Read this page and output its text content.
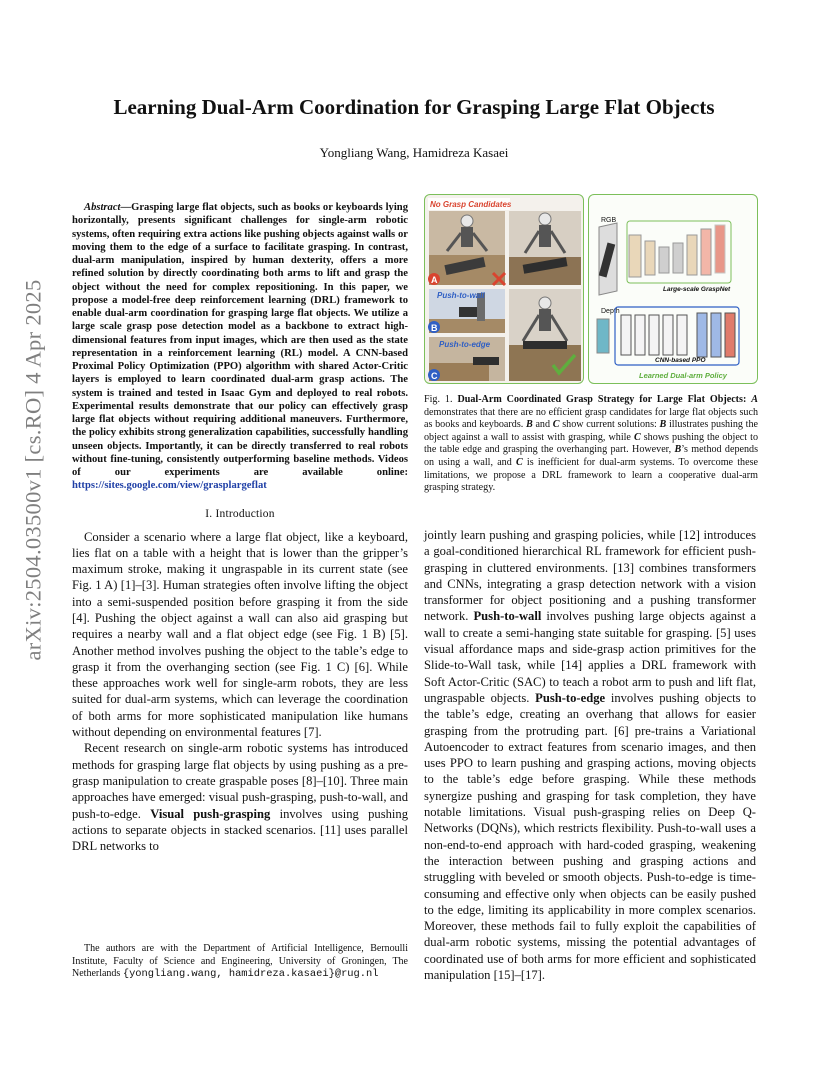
Learning Dual-Arm Coordination for Grasping Large Flat Objects
Yongliang Wang, Hamidreza Kasaei
arXiv:2504.03500v1 [cs.RO] 4 Apr 2025

Abstract—Grasping large flat objects, such as books or keyboards lying horizontally, presents significant challenges for single-arm robotic systems, often requiring extra actions like pushing objects against walls or moving them to the edge of a surface to facilitate grasping. In contrast, dual-arm manipulation, inspired by human dexterity, offers a more refined solution by directly coordinating both arms to lift and grasp the object without the need for complex repositioning. In this paper, we propose a model-free deep reinforcement learning (DRL) framework to enable dual-arm coordination for grasping large flat objects. We utilize a large scale grasp pose detection model as a backbone to extract high-dimensional features from input images, which are then used as the state representation in a reinforcement learning (RL) model. A CNN-based Proximal Policy Optimization (PPO) algorithm with shared Actor-Critic layers is employed to learn coordinated dual-arm grasp actions. The system is trained and tested in Isaac Gym and deployed to real robots. Experimental results demonstrate that our policy can effectively grasp large flat objects without requiring additional maneuvers. Furthermore, the policy exhibits strong generalization capabilities, successfully handling unseen objects. Importantly, it can be directly transferred to real robots without fine-tuning, consistently outperforming baseline methods. Videos of our experiments are available online: https://sites.google.com/view/grasplargeflat

I. Introduction

Consider a scenario where a large flat object, like a keyboard, lies flat on a table with a height that is lower than the gripper’s maximum stroke, making it ungraspable in its current state (see Fig. 1 A) [1]–[3]. Human strategies often involve lifting the object into a semi-suspended position before grasping it from the side [4]. Pushing the object against a wall can also aid grasping but requires a nearby wall and a flat object edge (see Fig. 1 B) [5]. Another method involves pushing the object to the table’s edge to grasp it from the overhanging section (see Fig. 1 C) [6]. While these approaches work well for single-arm robots, they are less suited for dual-arm systems, which can leverage the coordination of both arms for more sophisticated manipulation like humans without depending on environmental features [7].

Recent research on single-arm robotic systems has introduced methods for grasping large flat objects by using pushing as a pre-grasp manipulation to create graspable poses [8]–[10]. Three main approaches have emerged: visual push-grasping, push-to-wall, and push-to-edge. Visual push-grasping involves using pushing actions to separate objects in stacked scenarios. [11] uses parallel DRL networks to

The authors are with the Department of Artificial Intelligence, Bernoulli Institute, Faculty of Science and Engineering, University of Groningen, The Netherlands {yongliang.wang, hamidreza.kasaei}@rug.nl
A
B
C
No Grasp Candidates
Push-to-wall
Push-to-edge
RGB
Large-scale GraspNet
Depth
CNN-based PPO
Learned Dual-arm Policy
Fig. 1. Dual-Arm Coordinated Grasp Strategy for Large Flat Objects: A demonstrates that there are no efficient grasp candidates for large flat objects such as books and keyboards. B and C show current solutions: B illustrates pushing the object against a wall to assist with grasping, while C shows pushing the object to the table edge and grasping the overhanging part. However, B’s method depends on using a wall, and C is inefficient for dual-arm systems. To overcome these limitations, we propose a DRL framework to learn a cooperative dual-arm grasping strategy.

jointly learn pushing and grasping policies, while [12] introduces a goal-conditioned hierarchical RL framework for efficient push-grasping in cluttered environments. [13] combines transformers and CNNs, integrating a grasp detection network with a vision transformer for object positioning and a pushing transformer network. Push-to-wall involves pushing large objects against a wall to create a semi-hanging state suitable for grasping. [5] uses visual affordance maps and side-grasp action primitives for the Slide-to-Wall task, while [14] applies a DRL framework with Soft Actor-Critic (SAC) to teach a robot arm to push and lift flat, ungraspable objects. Push-to-edge involves pushing objects to the table’s edge, creating an overhang that allows for easier grasping from the protruding part. [6] pre-trains a Variational Autoencoder to extract features from scenario images, and then uses PPO to learn pushing and grasping actions, moving objects to the table’s edge before grasping. While these methods synergize pushing and grasping for task completion, they have notable limitations. Visual push-grasping relies on Deep Q-Networks (DQNs), which restricts flexibility. Push-to-wall uses a non-end-to-end approach with hard-coded grasping, weakening the interaction between pushing and grasping actions and struggling with beveled or smooth objects. Push-to-edge is time-consuming and effective only when objects can be easily pushed to the edge, limiting its applicability in more complex scenarios. Moreover, these methods fail to fully exploit the capabilities of dual-arm robotic systems, missing the potential advantages of coordinated use of both arms for more efficient and sophisticated manipulation [15]–[17].
